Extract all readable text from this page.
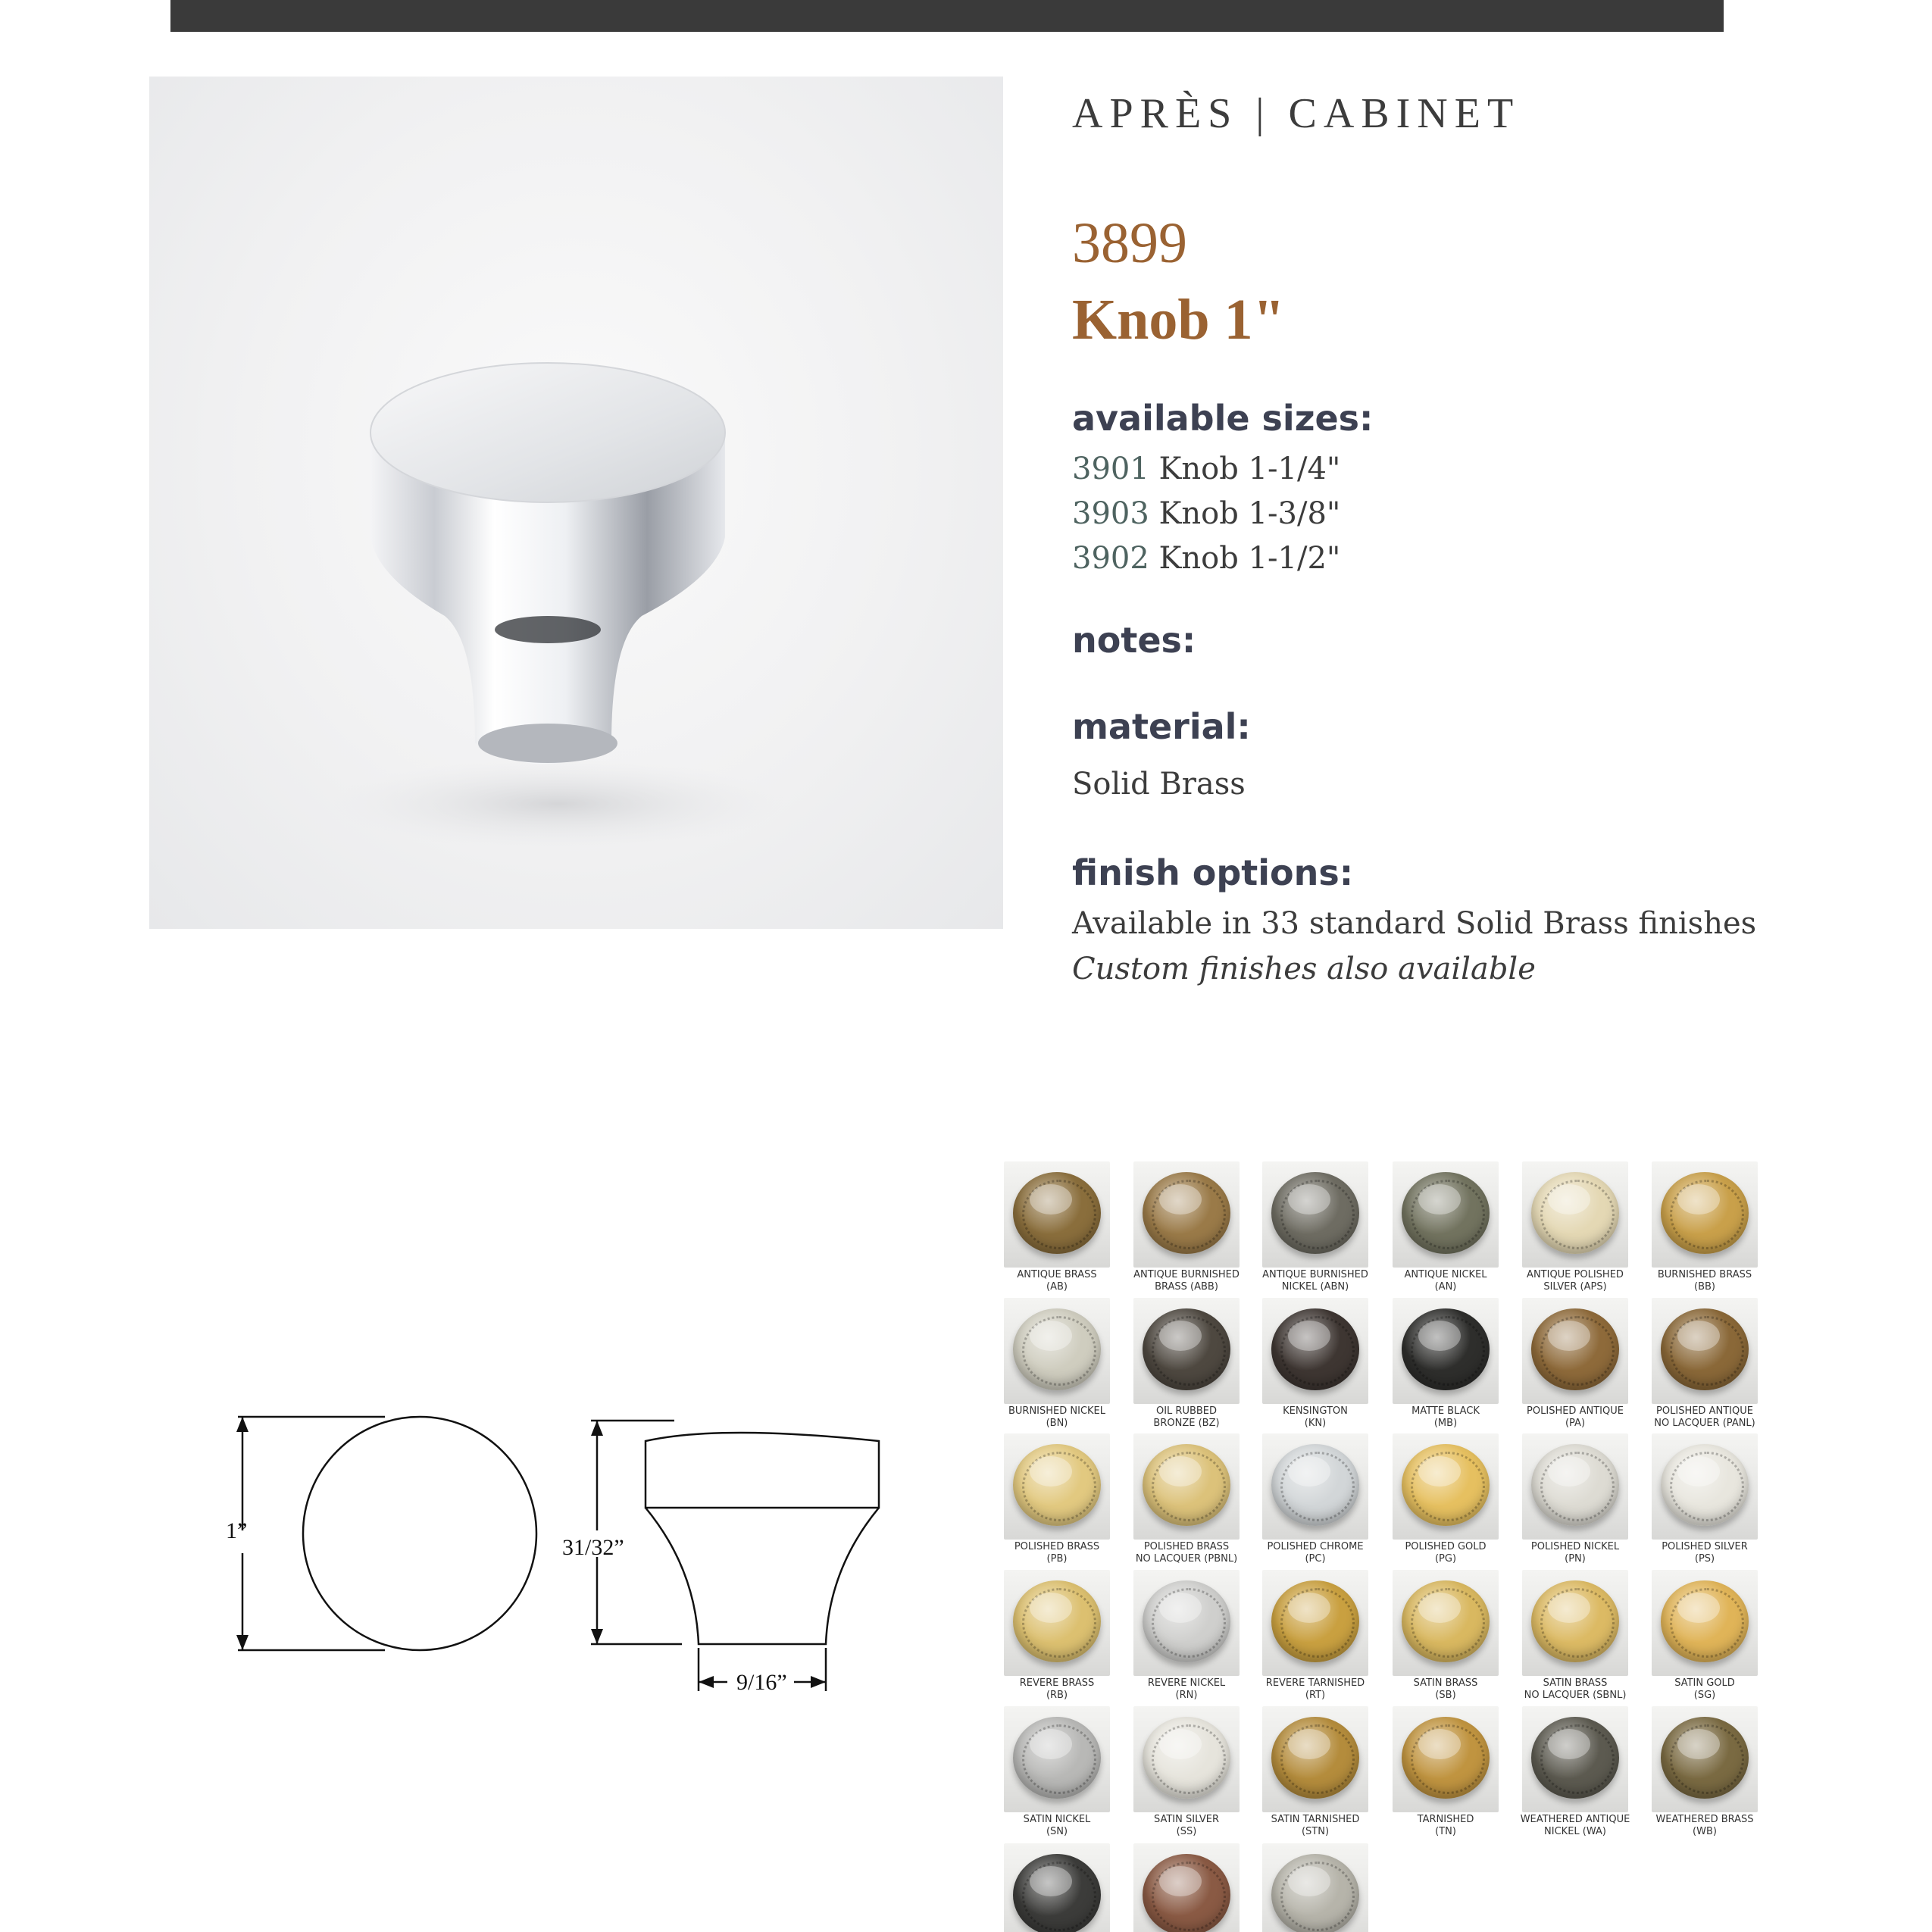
APRÈS | CABINET
3899
Knob 1"
available sizes:
3901 Knob 1-1/4"
3903 Knob 1-3/8"
3902 Knob 1-1/2"
notes:
material:
Solid Brass
finish options:
Available in 33 standard Solid Brass finishes
Custom finishes also available
1”
31/32”
9/16”
ANTIQUE BRASS
(AB)
ANTIQUE BURNISHED
BRASS (ABB)
ANTIQUE BURNISHED
NICKEL (ABN)
ANTIQUE NICKEL
(AN)
ANTIQUE POLISHED
SILVER (APS)
BURNISHED BRASS
(BB)
BURNISHED NICKEL
(BN)
OIL RUBBED
BRONZE (BZ)
KENSINGTON
(KN)
MATTE BLACK
(MB)
POLISHED ANTIQUE
(PA)
POLISHED ANTIQUE
NO LACQUER (PANL)
POLISHED BRASS
(PB)
POLISHED BRASS
NO LACQUER (PBNL)
POLISHED CHROME
(PC)
POLISHED GOLD
(PG)
POLISHED NICKEL
(PN)
POLISHED SILVER
(PS)
REVERE BRASS
(RB)
REVERE NICKEL
(RN)
REVERE TARNISHED
(RT)
SATIN BRASS
(SB)
SATIN BRASS
NO LACQUER (SBNL)
SATIN GOLD
(SG)
SATIN NICKEL
(SN)
SATIN SILVER
(SS)
SATIN TARNISHED
(STN)
TARNISHED
(TN)
WEATHERED ANTIQUE
NICKEL (WA)
WEATHERED BRASS
(WB)
